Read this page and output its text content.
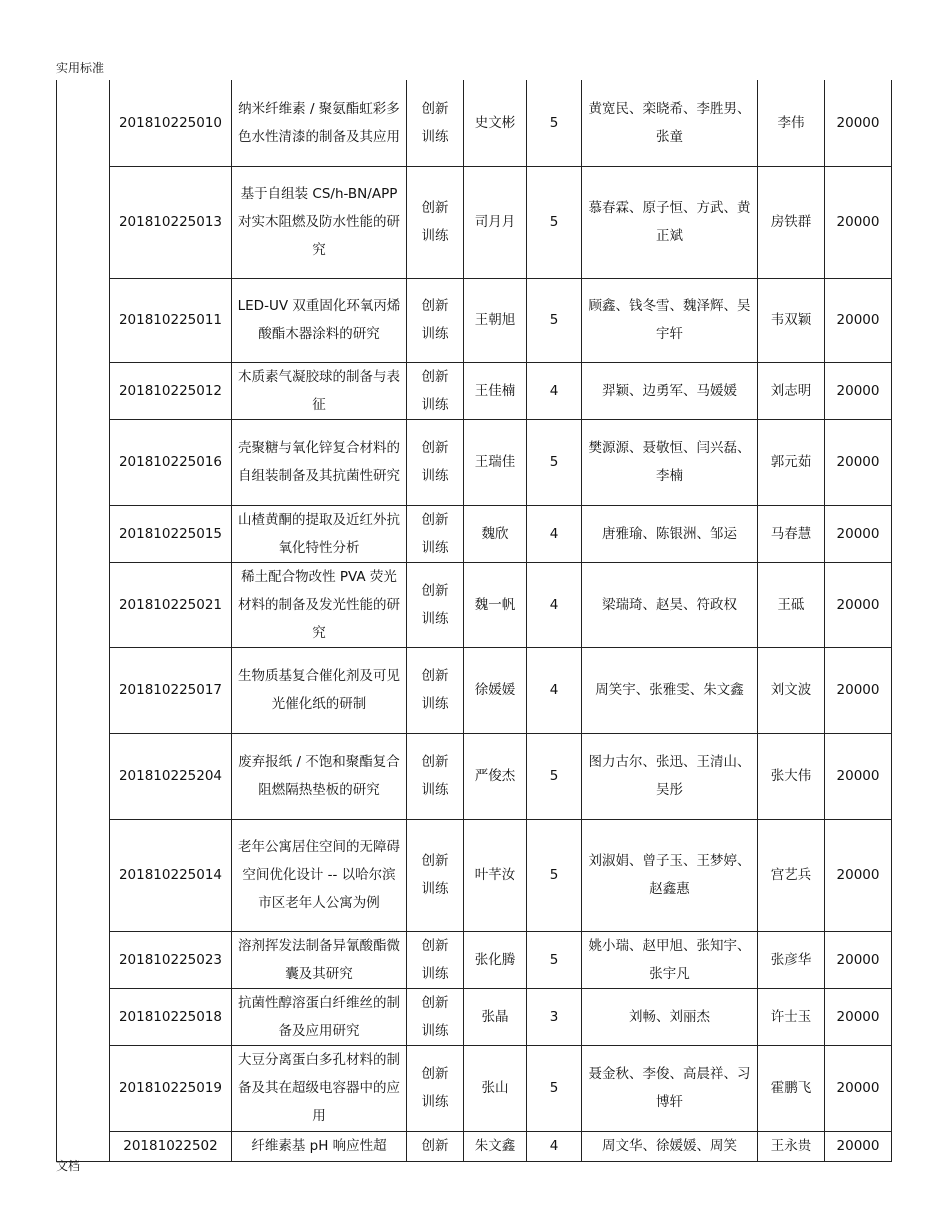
实用标准
	201810225010	纳米纤维素 / 聚氨酯虹彩多色水性清漆的制备及其应用	创新训练	史文彬	5	黄宽民、栾晓希、李胜男、张童	李伟	20000
	201810225013	基于自组装 CS/h-BN/APP 对实木阻燃及防水性能的研究	创新训练	司月月	5	慕春霖、原子恒、方武、黄正斌	房铁群	20000
	201810225011	LED-UV 双重固化环氧丙烯酸酯木器涂料的研究	创新训练	王朝旭	5	顾鑫、钱冬雪、魏泽辉、吴宇轩	韦双颖	20000
	201810225012	木质素气凝胶球的制备与表征	创新训练	王佳楠	4	羿颖、边勇军、马媛媛	刘志明	20000
	201810225016	壳聚糖与氧化锌复合材料的自组装制备及其抗菌性研究	创新训练	王瑞佳	5	樊源源、聂敬恒、闫兴磊、李楠	郭元茹	20000
	201810225015	山楂黄酮的提取及近红外抗氧化特性分析	创新训练	魏欣	4	唐雅瑜、陈银洲、邹运	马春慧	20000
	201810225021	稀土配合物改性 PVA 荧光材料的制备及发光性能的研究	创新训练	魏一帆	4	梁瑞琦、赵昊、符政权	王砥	20000
	201810225017	生物质基复合催化剂及可见光催化纸的研制	创新训练	徐媛媛	4	周笑宇、张雅雯、朱文鑫	刘文波	20000
	201810225204	废弃报纸 / 不饱和聚酯复合阻燃隔热垫板的研究	创新训练	严俊杰	5	图力古尔、张迅、王清山、吴彤	张大伟	20000
	201810225014	老年公寓居住空间的无障碍空间优化设计 -- 以哈尔滨市区老年人公寓为例	创新训练	叶芊汝	5	刘淑娟、曾子玉、王梦婷、赵鑫惠	宫艺兵	20000
	201810225023	溶剂挥发法制备异氰酸酯微囊及其研究	创新训练	张化腾	5	姚小瑞、赵甲旭、张知宇、张宇凡	张彦华	20000
	201810225018	抗菌性醇溶蛋白纤维丝的制备及应用研究	创新训练	张晶	3	刘畅、刘丽杰	许士玉	20000
	201810225019	大豆分离蛋白多孔材料的制备及其在超级电容器中的应用	创新训练	张山	5	聂金秋、李俊、高晨祥、习博轩	霍鹏飞	20000
	20181022502	纤维素基 pH 响应性超	创新	朱文鑫	4	周文华、徐媛媛、周笑	王永贵	20000
文档
